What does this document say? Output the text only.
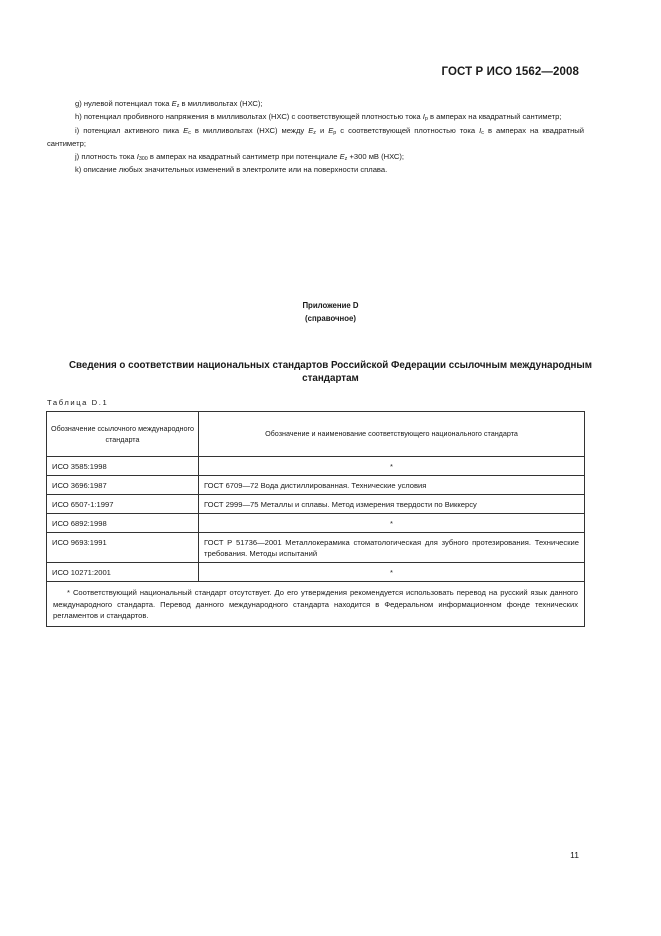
ГОСТ Р ИСО 1562—2008

g) нулевой потенциал тока $E_z$ в милливольтах (НХС);

h) потенциал пробивного напряжения в милливольтах (НХС) с соответствующей плотностью тока $I_p$ в амперах на квадратный сантиметр;

i) потенциал активного пика $E_c$ в милливольтах (НХС) между $E_z$ и $E_p$ с соответствующей плотностью тока $I_c$ в амперах на квадратный сантиметр;

j) плотность тока $I_{300}$ в амперах на квадратный сантиметр при потенциале $E_z +300$ мВ (НХС);

k) описание любых значительных изменений в электролите или на поверхности сплава.

Приложение D
(справочное)
Сведения о соответствии национальных стандартов Российской Федерации ссылочным международным стандартам
Таблица D.1
Обозначение ссылочного международного стандарта	Обозначение и наименование соответствующего национального стандарта
ИСО 3585:1998	*
ИСО 3696:1987	ГОСТ 6709—72 Вода дистиллированная. Технические условия
ИСО 6507-1:1997	ГОСТ 2999—75 Металлы и сплавы. Метод измерения твердости по Виккерсу
ИСО 6892:1998	*
ИСО 9693:1991	ГОСТ Р 51736—2001 Металлокерамика стоматологическая для зубного протезирования. Технические требования. Методы испытаний
ИСО 10271:2001	*

* Соответствующий национальный стандарт отсутствует. До его утверждения рекомендуется использовать перевод на русский язык данного международного стандарта. Перевод данного международного стандарта находится в Федеральном информационном фонде технических регламентов и стандартов.	
11
